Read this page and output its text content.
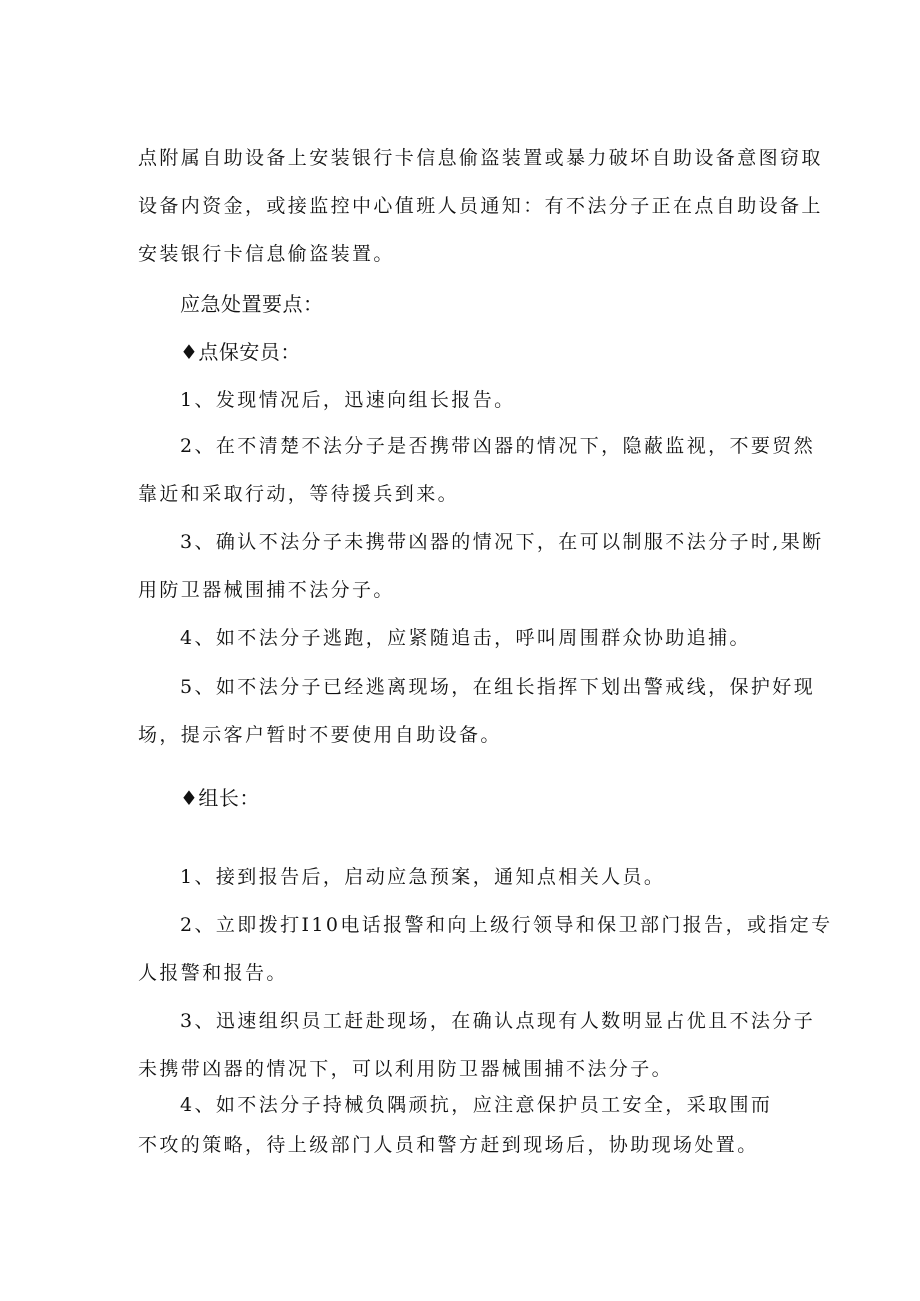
点附属自助设备上安装银行卡信息偷盗装置或暴力破坏自助设备意图窃取

设备内资金，或接监控中心值班人员通知：有不法分子正在点自助设备上

安装银行卡信息偷盗装置。

应急处置要点：

♦点保安员：

1、发现情况后，迅速向组长报告。

2、在不清楚不法分子是否携带凶器的情况下，隐蔽监视，不要贸然

靠近和采取行动，等待援兵到来。

3、确认不法分子未携带凶器的情况下，在可以制服不法分子时,果断

用防卫器械围捕不法分子。

4、如不法分子逃跑，应紧随追击，呼叫周围群众协助追捕。

5、如不法分子已经逃离现场，在组长指挥下划出警戒线，保护好现

场，提示客户暂时不要使用自助设备。

♦组长：

1、接到报告后，启动应急预案，通知点相关人员。

2、立即拨打I10电话报警和向上级行领导和保卫部门报告，或指定专

人报警和报告。

3、迅速组织员工赶赴现场，在确认点现有人数明显占优且不法分子

未携带凶器的情况下，可以利用防卫器械围捕不法分子。

4、如不法分子持械负隅顽抗，应注意保护员工安全，采取围而

不攻的策略，待上级部门人员和警方赶到现场后，协助现场处置。
